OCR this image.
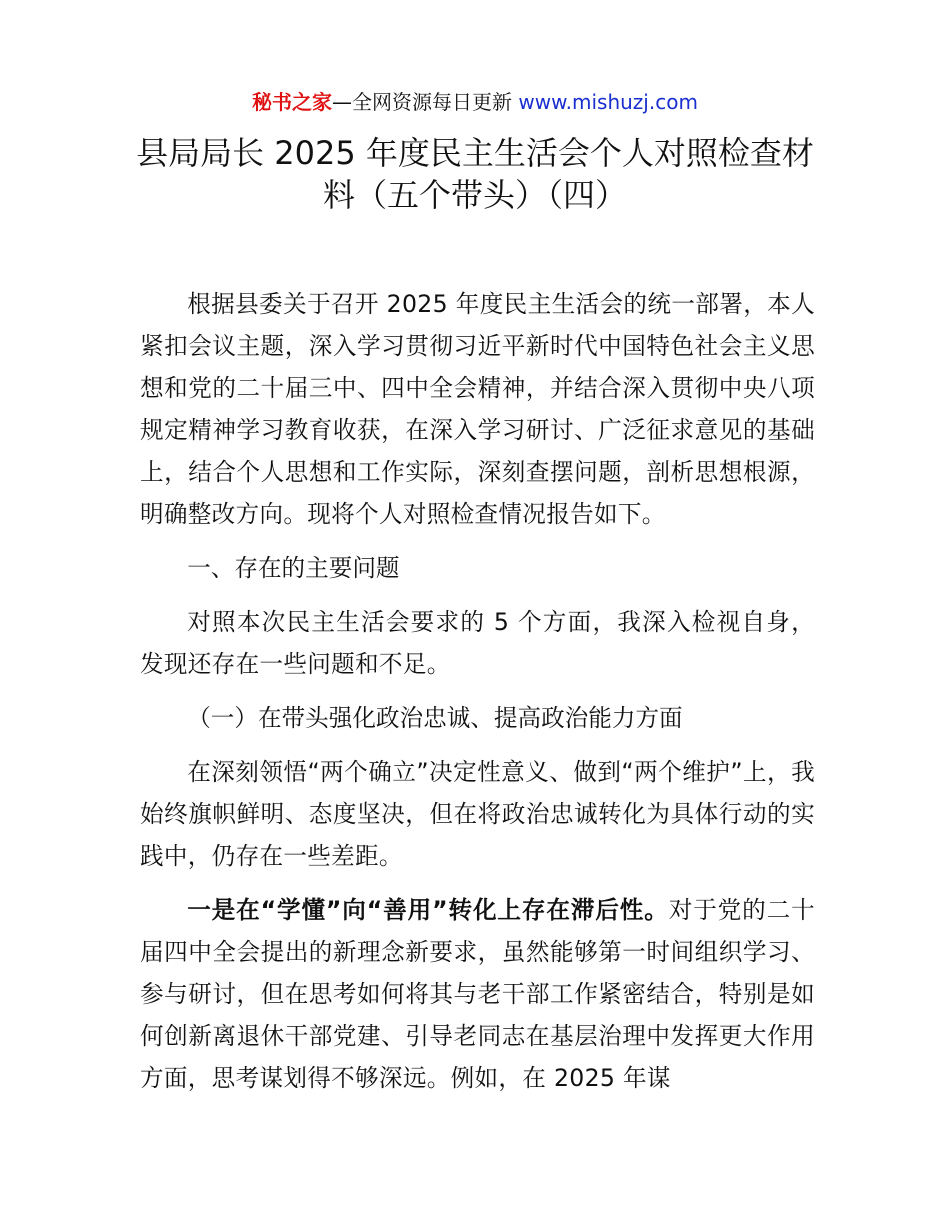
秘书之家—全网资源每日更新 www.mishuzj.com
县局局长 2025 年度民主生活会个人对照检查材料（五个带头）（四）

根据县委关于召开 2025 年度民主生活会的统一部署，本人紧扣会议主题，深入学习贯彻习近平新时代中国特色社会主义思想和党的二十届三中、四中全会精神，并结合深入贯彻中央八项规定精神学习教育收获，在深入学习研讨、广泛征求意见的基础上，结合个人思想和工作实际，深刻查摆问题，剖析思想根源，明确整改方向。现将个人对照检查情况报告如下。

一、存在的主要问题

对照本次民主生活会要求的 5 个方面，我深入检视自身，发现还存在一些问题和不足。

（一）在带头强化政治忠诚、提高政治能力方面

在深刻领悟“两个确立”决定性意义、做到“两个维护”上，我始终旗帜鲜明、态度坚决，但在将政治忠诚转化为具体行动的实践中，仍存在一些差距。

一是在“学懂”向“善用”转化上存在滞后性。对于党的二十届四中全会提出的新理念新要求，虽然能够第一时间组织学习、参与研讨，但在思考如何将其与老干部工作紧密结合，特别是如何创新离退休干部党建、引导老同志在基层治理中发挥更大作用方面，思考谋划得不够深远。例如，在 2025 年谋
